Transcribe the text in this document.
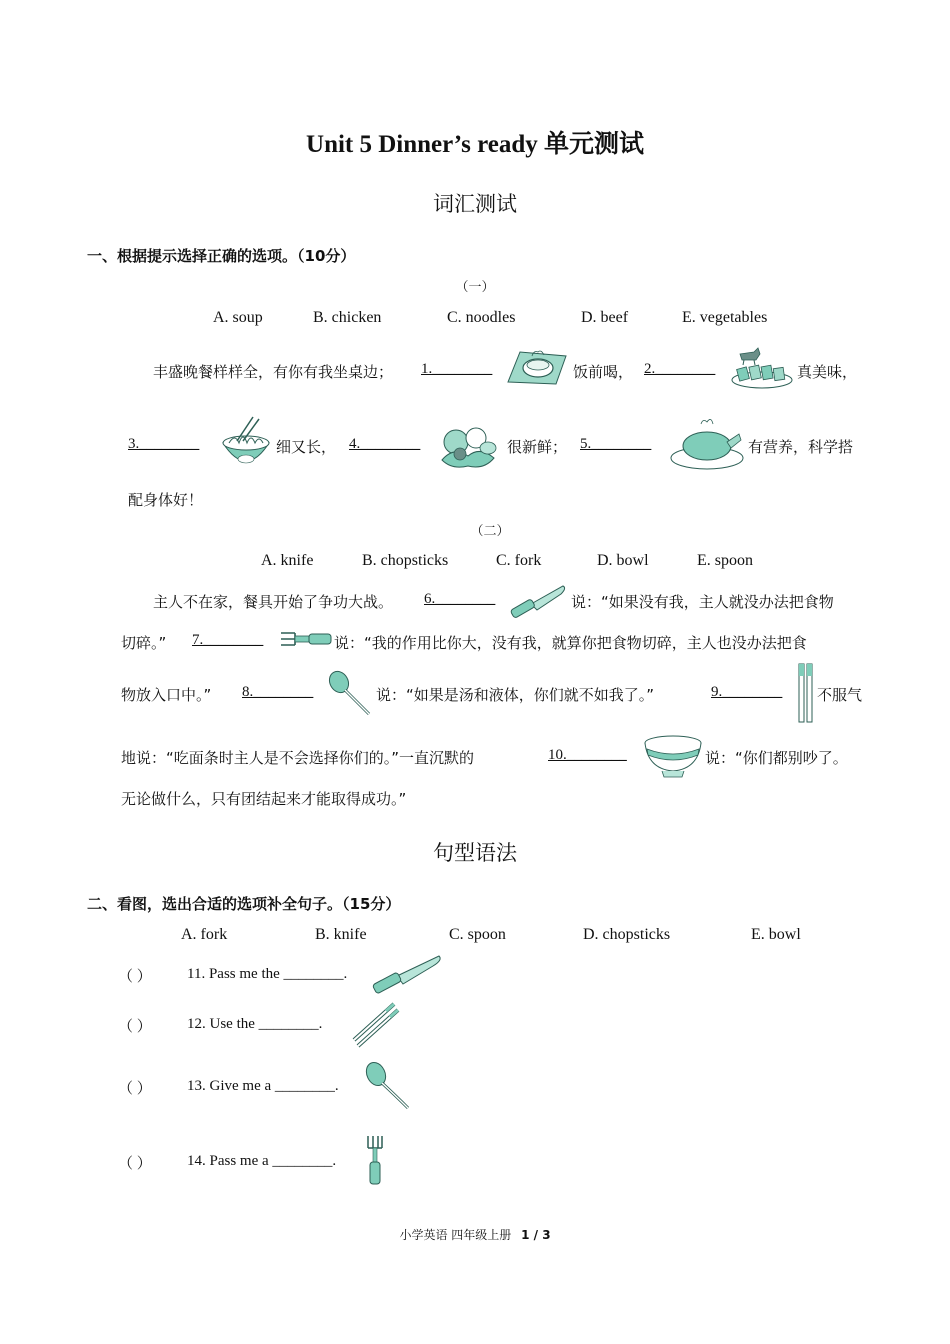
Unit 5 Dinner’s ready 单元测试
词汇测试
一、根据提示选择正确的选项。（10分）
（一）
A. soup	B. chicken	C. noodles	D. beef	E. vegetables
丰盛晚餐样样全，有你有我坐桌边； 1.________	饭前喝， 2.________	真美味，
3.________	细又长， 4.________	很新鲜； 5.________	有营养，科学搭
配身体好！
（二）
A. knife	B. chopsticks	C. fork	D. bowl	E. spoon
主人不在家，餐具开始了争功大战。 6.________	说：“如果没有我，主人就没办法把食物
切碎。” 7.________	说：“我的作用比你大，没有我，就算你把食物切碎，主人也没办法把食
物放入口中。” 8.________	说：“如果是汤和液体，你们就不如我了。”	9.________ 不服气
地说：“吃面条时主人是不会选择你们的。”一直沉默的	10.________	说：“你们都别吵了。
无论做什么，只有团结起来才能取得成功。”
句型语法
二、看图，选出合适的选项补全句子。（15分）
A. fork	B. knife	C. spoon	D. chopsticks	E. bowl
（ ） 11. Pass me the ________.
（ ） 12. Use the ________.
（ ） 13. Give me a ________.
（ ） 14. Pass me a ________.
小学英语 四年级上册 1 / 3
